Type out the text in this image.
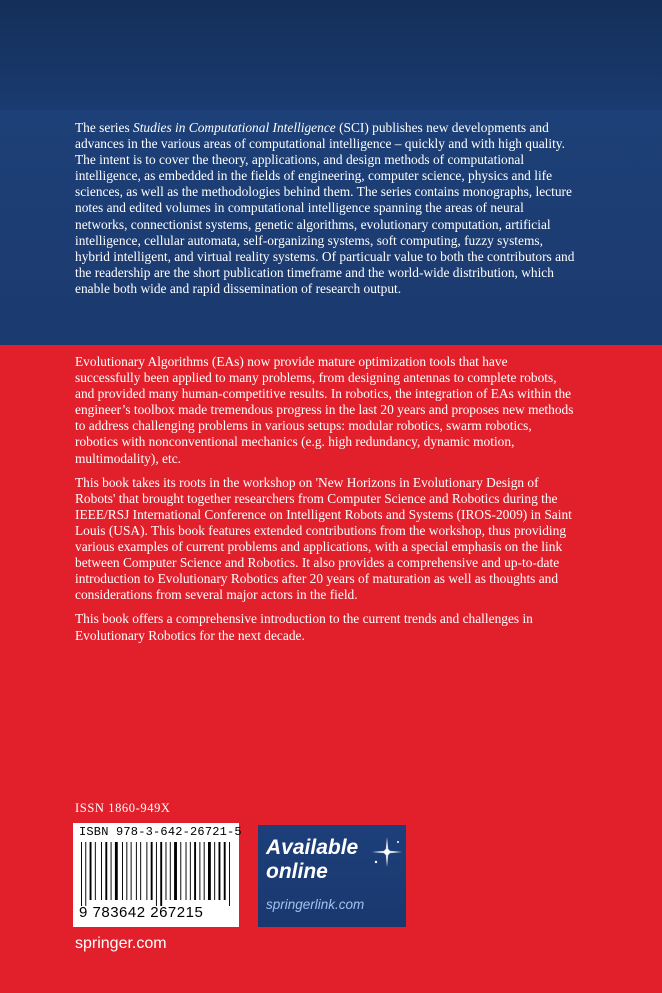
The series Studies in Computational Intelligence (SCI) publishes new developments and advances in the various areas of computational intelligence – quickly and with high quality. The intent is to cover the theory, applications, and design methods of computational intelligence, as embedded in the fields of engineering, computer science, physics and life sciences, as well as the methodologies behind them. The series contains monographs, lecture notes and edited volumes in computational intelligence spanning the areas of neural networks, connectionist systems, genetic algorithms, evolutionary computation, artificial intelligence, cellular automata, self-organizing systems, soft computing, fuzzy systems, hybrid intelligent, and virtual reality systems. Of particualr value to both the contributors and the readership are the short publication timeframe and the world-wide distribution, which enable both wide and rapid dissemination of research output.

Evolutionary Algorithms (EAs) now provide mature optimization tools that have successfully been applied to many problems, from designing antennas to complete robots, and provided many human-competitive results. In robotics, the integration of EAs within the engineer’s toolbox made tremendous progress in the last 20 years and proposes new methods to address challenging problems in various setups: modular robotics, swarm robotics, robotics with nonconventional mechanics (e.g. high redundancy, dynamic motion, multimodality), etc.

This book takes its roots in the workshop on 'New Horizons in Evolutionary Design of Robots' that brought together researchers from Computer Science and Robotics during the IEEE/RSJ International Conference on Intelligent Robots and Systems (IROS-2009) in Saint Louis (USA). This book features extended contributions from the workshop, thus providing various examples of current problems and applications, with a special emphasis on the link between Computer Science and Robotics. It also provides a comprehensive and up-to-date introduction to Evolutionary Robotics after 20 years of maturation as well as thoughts and considerations from several major actors in the field.

This book offers a comprehensive introduction to the current trends and challenges in Evolutionary Robotics for the next decade.

ISSN 1860-949X
ISBN 978-3-642-26721-5
9 783642 267215
Available online
springerlink.com
springer.com
